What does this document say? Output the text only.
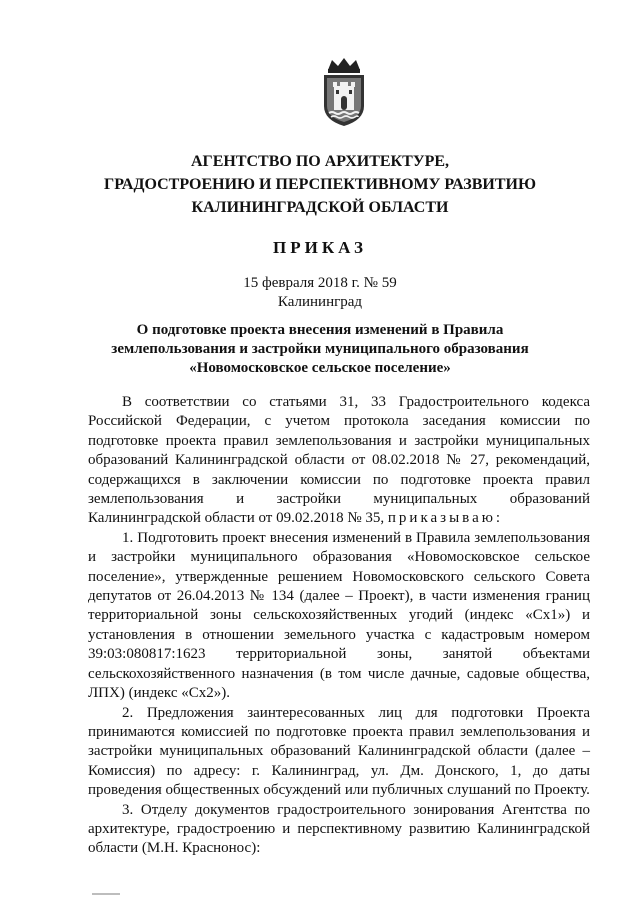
АГЕНТСТВО ПО АРХИТЕКТУРЕ,
ГРАДОСТРОЕНИЮ И ПЕРСПЕКТИВНОМУ РАЗВИТИЮ
КАЛИНИНГРАДСКОЙ ОБЛАСТИ
ПРИКАЗ
15 февраля 2018 г. № 59
Калининград
О подготовке проекта внесения изменений в Правила
землепользования и застройки муниципального образования
«Новомосковское сельское поселение»

В соответствии со статьями 31, 33 Градостроительного кодекса Российской Федерации, с учетом протокола заседания комиссии по подготовке проекта правил землепользования и застройки муниципальных образований Калининградской области от 08.02.2018 № 27, рекомендаций, содержащихся в заключении комиссии по подготовке проекта правил землепользования и застройки муниципальных образований Калининградской области от 09.02.2018 № 35, приказываю:

1. Подготовить проект внесения изменений в Правила землепользования и застройки муниципального образования «Новомосковское сельское поселение», утвержденные решением Новомосковского сельского Совета депутатов от 26.04.2013 № 134 (далее – Проект), в части изменения границ территориальной зоны сельскохозяйственных угодий (индекс «Сх1») и установления в отношении земельного участка с кадастровым номером 39:03:080817:1623 территориальной зоны, занятой объектами сельскохозяйственного назначения (в том числе дачные, садовые общества, ЛПХ) (индекс «Сх2»).

2. Предложения заинтересованных лиц для подготовки Проекта принимаются комиссией по подготовке проекта правил землепользования и застройки муниципальных образований Калининградской области (далее – Комиссия) по адресу: г. Калининград, ул. Дм. Донского, 1, до даты проведения общественных обсуждений или публичных слушаний по Проекту.

3. Отделу документов градостроительного зонирования Агентства по архитектуре, градостроению и перспективному развитию Калининградской области (М.Н. Краснонос):
